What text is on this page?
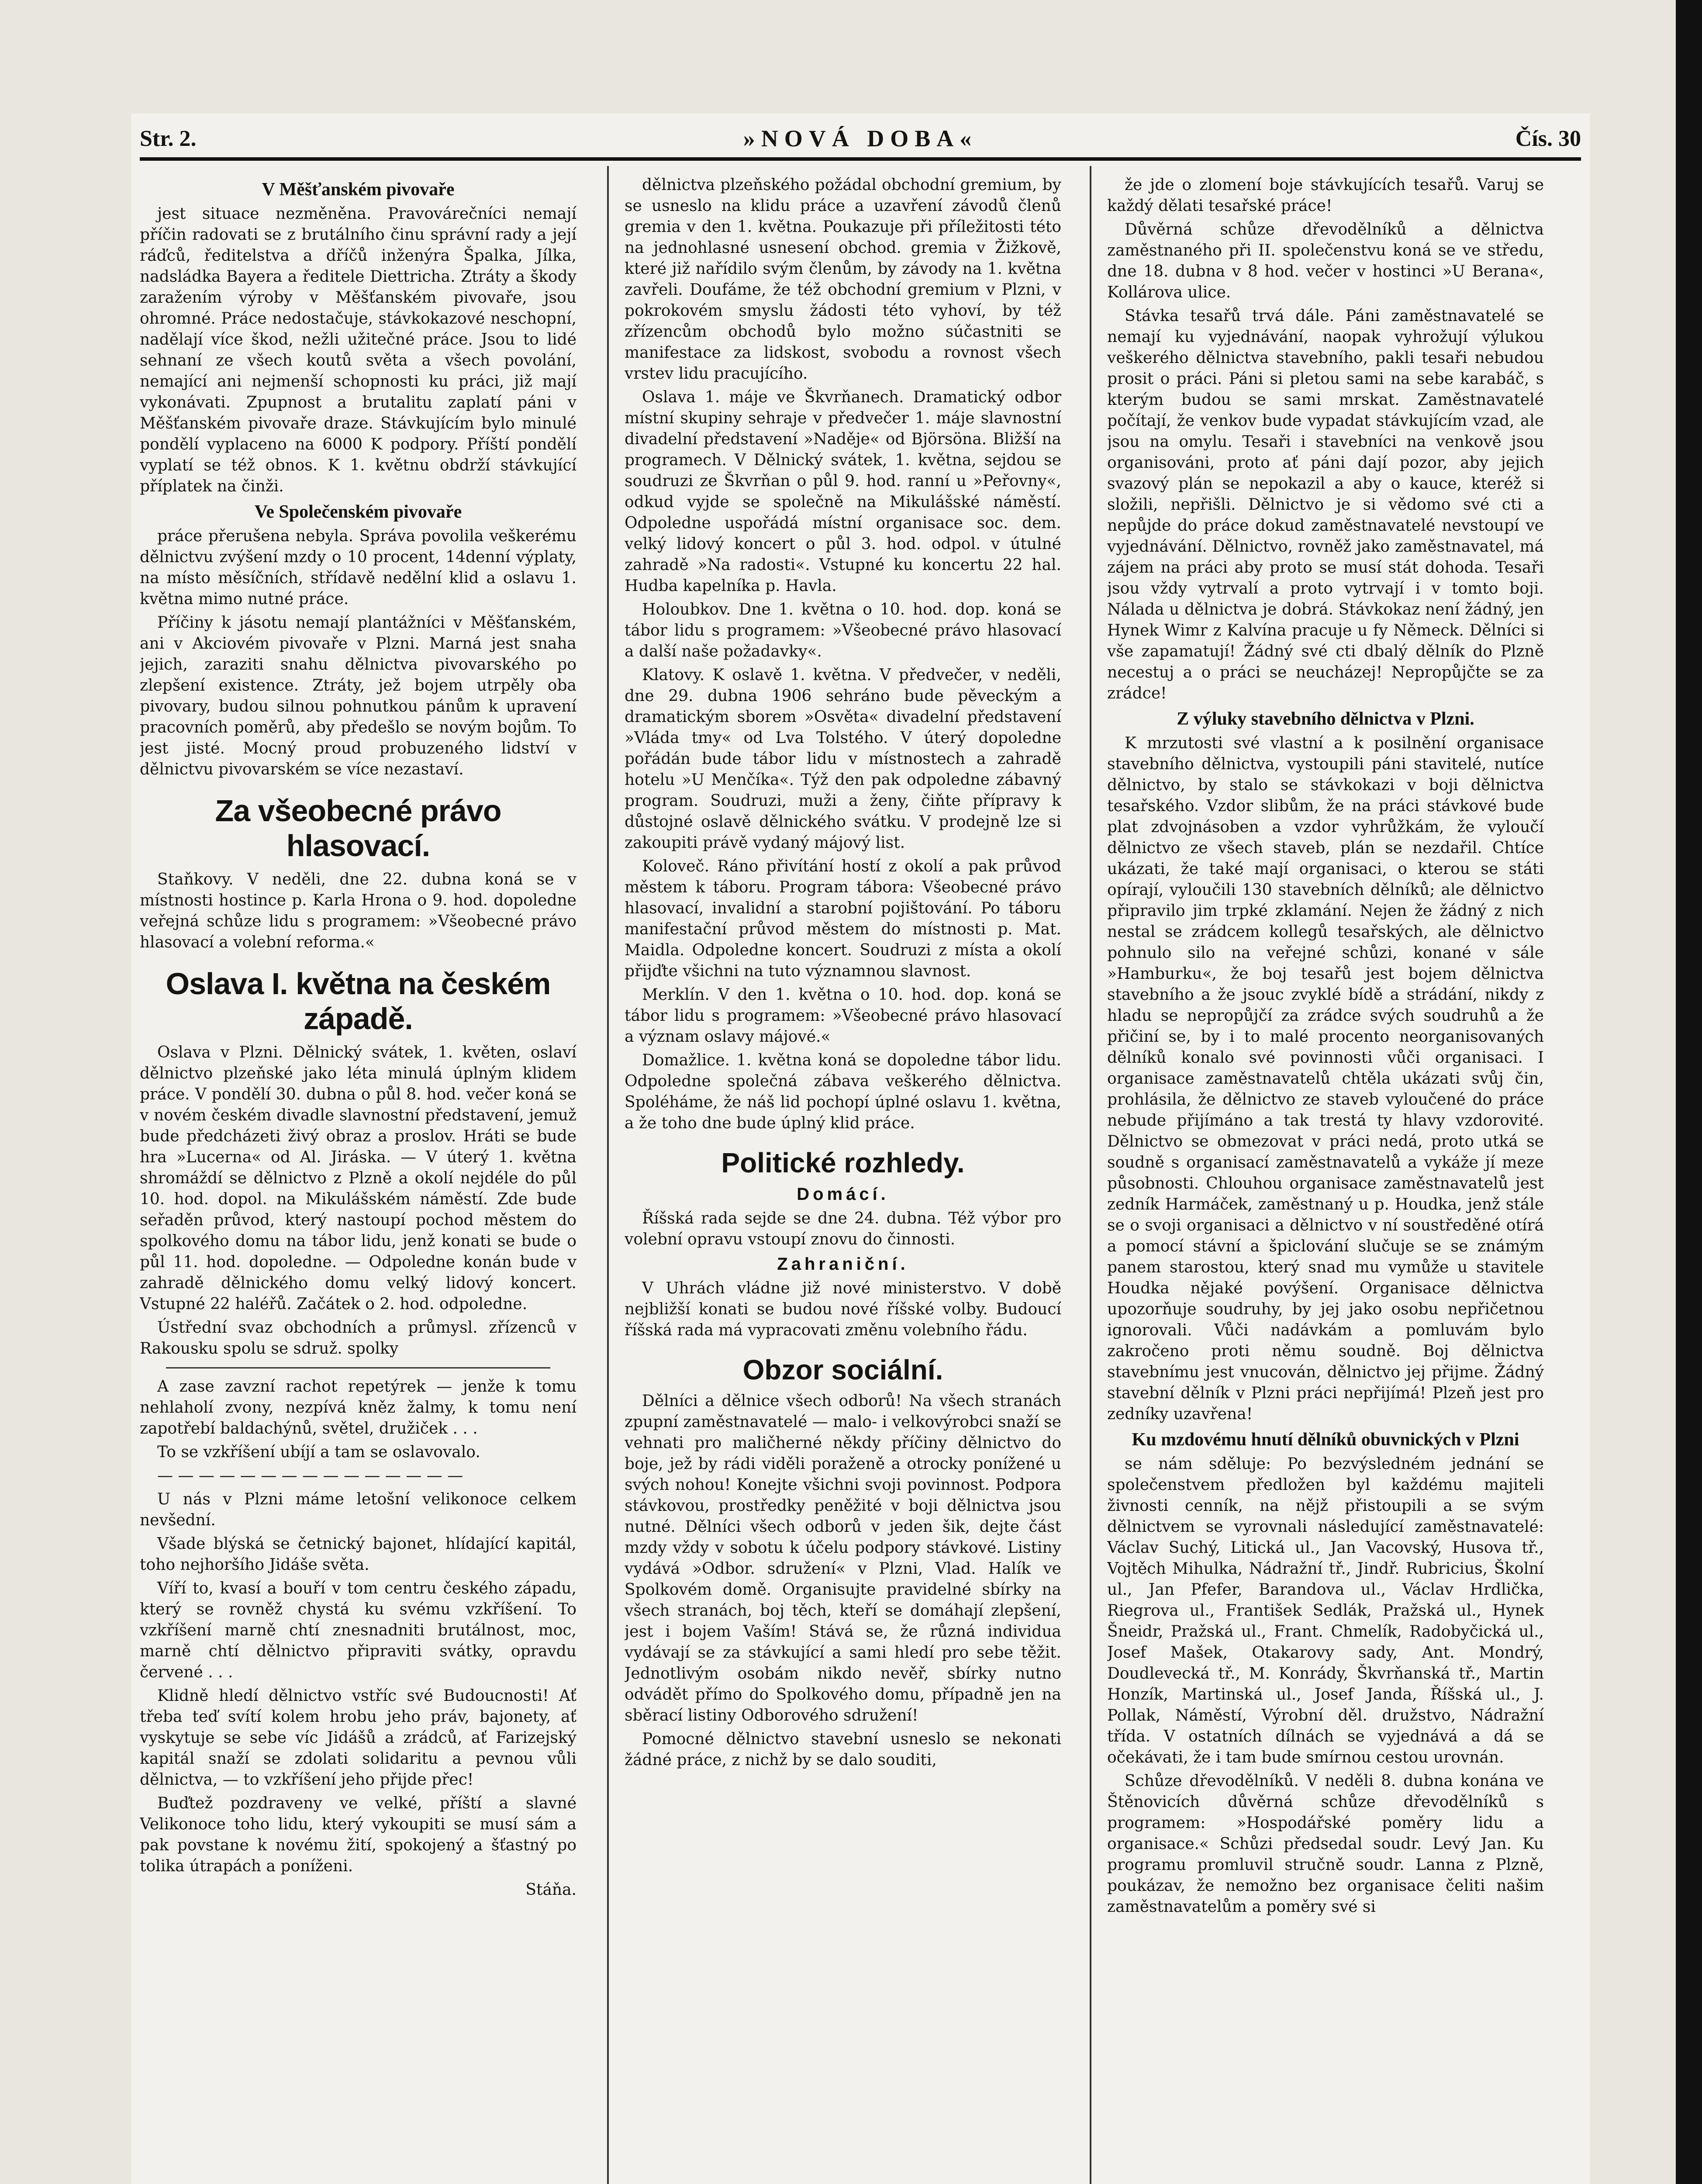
Str. 2.	»NOVÁ DOBA«	Čís. 30
V Měšťanském pivovaře

jest situace nezměněna. Pravovárečníci nemají příčin radovati se z brutálního činu správní rady a její ráďců, ředitelstva a dříčů inženýra Špalka, Jílka, nadsládka Bayera a ředitele Diettricha. Ztráty a škody zaražením výroby v Měšťanském pivovaře, jsou ohromné. Práce nedostačuje, stávkokazové neschopní, nadělají více škod, nežli užitečné práce. Jsou to lidé sehnaní ze všech koutů světa a všech povolání, nemající ani nejmenší schopnosti ku práci, již mají vykonávati. Zpupnost a brutalitu zaplatí páni v Měšťanském pivovaře draze. Stávkujícím bylo minulé pondělí vyplaceno na 6000 K podpory. Příští pondělí vyplatí se též obnos. K 1. květnu obdrží stávkující příplatek na činži.

Ve Společenském pivovaře

práce přerušena nebyla. Správa povolila veškerému dělnictvu zvýšení mzdy o 10 procent, 14denní výplaty, na místo měsíčních, střídavě nedělní klid a oslavu 1. května mimo nutné práce.

Příčiny k jásotu nemají plantážníci v Měšťanském, ani v Akciovém pivovaře v Plzni. Marná jest snaha jejich, zaraziti snahu dělnictva pivovarského po zlepšení existence. Ztráty, jež bojem utrpěly oba pivovary, budou silnou pohnutkou pánům k upravení pracovních poměrů, aby předešlo se novým bojům. To jest jisté. Mocný proud probuzeného lidství v dělnictvu pivovarském se více nezastaví.

Za všeobecné právo hlasovací.

Staňkovy. V neděli, dne 22. dubna koná se v místnosti hostince p. Karla Hrona o 9. hod. dopoledne veřejná schůze lidu s programem: »Všeobecné právo hlasovací a volební reforma.«

Oslava I. května na českém západě.

Oslava v Plzni. Dělnický svátek, 1. květen, oslaví dělnictvo plzeňské jako léta minulá úplným klidem práce. V pondělí 30. dubna o půl 8. hod. večer koná se v novém českém divadle slavnostní představení, jemuž bude předcházeti živý obraz a proslov. Hráti se bude hra »Lucerna« od Al. Jiráska. — V úterý 1. května shromáždí se dělnictvo z Plzně a okolí nejdéle do půl 10. hod. dopol. na Mikulášském náměstí. Zde bude seřaděn průvod, který nastoupí pochod městem do spolkového domu na tábor lidu, jenž konati se bude o půl 11. hod. dopoledne. — Odpoledne konán bude v zahradě dělnického domu velký lidový koncert. Vstupné 22 haléřů. Začátek o 2. hod. odpoledne.

Ústřední svaz obchodních a průmysl. zřízenců v Rakousku spolu se sdruž. spolky

A zase zavzní rachot repetýrek — jenže k tomu nehlaholí zvony, nezpívá kněz žalmy, k tomu není zapotřebí baldachýnů, světel, družiček . . .

To se vzkříšení ubíjí a tam se oslavovalo.

— — — — — — — — — — — — — — —

U nás v Plzni máme letošní velikonoce celkem nevšední.

Všade blýská se četnický bajonet, hlídající kapitál, toho nejhoršího Jidáše světa.

Víří to, kvasí a bouří v tom centru českého západu, který se rovněž chystá ku svému vzkříšení. To vzkříšení marně chtí znesnadniti brutálnost, moc, marně chtí dělnictvo připraviti svátky, opravdu červené . . .

Klidně hledí dělnictvo vstříc své Budoucnosti! Ať třeba teď svítí kolem hrobu jeho práv, bajonety, ať vyskytuje se sebe víc Jidášů a zrádců, ať Farizejský kapitál snaží se zdolati solidaritu a pevnou vůli dělnictva, — to vzkříšení jeho přijde přec!

Buďtež pozdraveny ve velké, příští a slavné Velikonoce toho lidu, který vykoupiti se musí sám a pak povstane k novému žití, spokojený a šťastný po tolika útrapách a poníženi.

Stáňa.

dělnictva plzeňského požádal obchodní gremium, by se usneslo na klidu práce a uzavření závodů členů gremia v den 1. května. Poukazuje při příležitosti této na jednohlasné usnesení obchod. gremia v Žižkově, které již nařídilo svým členům, by závody na 1. května zavřeli. Doufáme, že též obchodní gremium v Plzni, v pokrokovém smyslu žádosti této vyhoví, by též zřízencům obchodů bylo možno súčastniti se manifestace za lidskost, svobodu a rovnost všech vrstev lidu pracujícího.

Oslava 1. máje ve Škvrňanech. Dramatický odbor místní skupiny sehraje v předvečer 1. máje slavnostní divadelní představení »Naděje« od Björsöna. Bližší na programech. V Dělnický svátek, 1. května, sejdou se soudruzi ze Škvrňan o půl 9. hod. ranní u »Peřovny«, odkud vyjde se společně na Mikulášské náměstí. Odpoledne uspořádá místní organisace soc. dem. velký lidový koncert o půl 3. hod. odpol. v útulné zahradě »Na radosti«. Vstupné ku koncertu 22 hal. Hudba kapelníka p. Havla.

Holoubkov. Dne 1. května o 10. hod. dop. koná se tábor lidu s programem: »Všeobecné právo hlasovací a další naše požadavky«.

Klatovy. K oslavě 1. května. V předvečer, v neděli, dne 29. dubna 1906 sehráno bude pěveckým a dramatickým sborem »Osvěta« divadelní představení »Vláda tmy« od Lva Tolstého. V úterý dopoledne pořádán bude tábor lidu v místnostech a zahradě hotelu »U Menčíka«. Týž den pak odpoledne zábavný program. Soudruzi, muži a ženy, čiňte přípravy k důstojné oslavě dělnického svátku. V prodejně lze si zakoupiti právě vydaný májový list.

Koloveč. Ráno přivítání hostí z okolí a pak průvod městem k táboru. Program tábora: Všeobecné právo hlasovací, invalidní a starobní pojištování. Po táboru manifestační průvod městem do místnosti p. Mat. Maidla. Odpoledne koncert. Soudruzi z místa a okolí přijďte všichni na tuto významnou slavnost.

Merklín. V den 1. května o 10. hod. dop. koná se tábor lidu s programem: »Všeobecné právo hlasovací a význam oslavy májové.«

Domažlice. 1. května koná se dopoledne tábor lidu. Odpoledne společná zábava veškerého dělnictva. Spoléháme, že náš lid pochopí úplné oslavu 1. května, a že toho dne bude úplný klid práce.

Politické rozhledy.
Domácí.

Říšská rada sejde se dne 24. dubna. Též výbor pro volební opravu vstoupí znovu do činnosti.

Zahraniční.

V Uhrách vládne již nové ministerstvo. V době nejbližší konati se budou nové říšské volby. Budoucí říšská rada má vypracovati změnu volebního řádu.

Obzor sociální.

Dělníci a dělnice všech odborů! Na všech stranách zpupní zaměstnavatelé — malo- i velkovýrobci snaží se vehnati pro maličherné někdy příčiny dělnictvo do boje, jež by rádi viděli poraženě a otrocky ponížené u svých nohou! Konejte všichni svoji povinnost. Podpora stávkovou, prostředky peněžité v boji dělnictva jsou nutné. Dělníci všech odborů v jeden šik, dejte část mzdy vždy v sobotu k účelu podpory stávkové. Listiny vydává »Odbor. sdružení« v Plzni, Vlad. Halík ve Spolkovém domě. Organisujte pravidelné sbírky na všech stranách, boj těch, kteří se domáhají zlepšení, jest i bojem Vaším! Stává se, že různá individua vydávají se za stávkující a sami hledí pro sebe těžit. Jednotlivým osobám nikdo nevěř, sbírky nutno odvádět přímo do Spolkového domu, případně jen na sběrací listiny Odborového sdružení!

Pomocné dělnictvo stavební usneslo se nekonati žádné práce, z nichž by se dalo souditi,

že jde o zlomení boje stávkujících tesařů. Varuj se každý dělati tesařské práce!

Důvěrná schůze dřevodělníků a dělnictva zaměstnaného při II. společenstvu koná se ve středu, dne 18. dubna v 8 hod. večer v hostinci »U Berana«, Kollárova ulice.

Stávka tesařů trvá dále. Páni zaměstnavatelé se nemají ku vyjednávání, naopak vyhrožují výlukou veškerého dělnictva stavebního, pakli tesaři nebudou prosit o práci. Páni si pletou sami na sebe karabáč, s kterým budou se sami mrskat. Zaměstnavatelé počítají, že venkov bude vypadat stávkujícím vzad, ale jsou na omylu. Tesaři i stavebníci na venkově jsou organisováni, proto ať páni dají pozor, aby jejich svazový plán se nepokazil a aby o kauce, kteréž si složili, nepřišli. Dělnictvo je si vědomo své cti a nepůjde do práce dokud zaměstnavatelé nevstoupí ve vyjednávání. Dělnictvo, rovněž jako zaměstnavatel, má zájem na práci aby proto se musí stát dohoda. Tesaři jsou vždy vytrvalí a proto vytrvají i v tomto boji. Nálada u dělnictva je dobrá. Stávkokaz není žádný, jen Hynek Wimr z Kalvína pracuje u fy Německ. Dělníci si vše zapamatují! Žádný své cti dbalý dělník do Plzně necestuj a o práci se neucházej! Nepropůjčte se za zrádce!

Z výluky stavebního dělnictva v Plzni.

K mrzutosti své vlastní a k posilnění organisace stavebního dělnictva, vystoupili páni stavitelé, nutíce dělnictvo, by stalo se stávkokazi v boji dělnictva tesařského. Vzdor slibům, že na práci stávkové bude plat zdvojnásoben a vzdor vyhrůžkám, že vyloučí dělnictvo ze všech staveb, plán se nezdařil. Chtíce ukázati, že také mají organisaci, o kterou se státi opírají, vyloučili 130 stavebních dělníků; ale dělnictvo připravilo jim trpké zklamání. Nejen že žádný z nich nestal se zrádcem kollegů tesařských, ale dělnictvo pohnulo silo na veřejné schůzi, konané v sále »Hamburku«, že boj tesařů jest bojem dělnictva stavebního a že jsouc zvyklé bídě a strádání, nikdy z hladu se nepropůjčí za zrádce svých soudruhů a že přičiní se, by i to malé procento neorganisovaných dělníků konalo své povinnosti vůči organisaci. I organisace zaměstnavatelů chtěla ukázati svůj čin, prohlásila, že dělnictvo ze staveb vyloučené do práce nebude přijímáno a tak trestá ty hlavy vzdorovité. Dělnictvo se obmezovat v práci nedá, proto utká se soudně s organisací zaměstnavatelů a vykáže jí meze působnosti. Chlouhou organisace zaměstnavatelů jest zedník Harmáček, zaměstnaný u p. Houdka, jenž stále se o svoji organisaci a dělnictvo v ní soustředěné otírá a pomocí stávní a špiclování slučuje se se známým panem starostou, který snad mu vymůže u stavitele Houdka nějaké povýšení. Organisace dělnictva upozorňuje soudruhy, by jej jako osobu nepřičetnou ignorovali. Vůči nadávkám a pomluvám bylo zakročeno proti němu soudně. Boj dělnictva stavebnímu jest vnucován, dělnictvo jej přijme. Žádný stavební dělník v Plzni práci nepřijímá! Plzeň jest pro zedníky uzavřena!

Ku mzdovému hnutí dělníků obuvnických v Plzni

se nám sděluje: Po bezvýsledném jednání se společenstvem předložen byl každému majiteli živnosti cenník, na nějž přistoupili a se svým dělnictvem se vyrovnali následující zaměstnavatelé: Václav Suchý, Litická ul., Jan Vacovský, Husova tř., Vojtěch Mihulka, Nádražní tř., Jindř. Rubricius, Školní ul., Jan Pfefer, Barandova ul., Václav Hrdlička, Riegrova ul., František Sedlák, Pražská ul., Hynek Šneidr, Pražská ul., Frant. Chmelík, Radobyčická ul., Josef Mašek, Otakarovy sady, Ant. Mondrý, Doudlevecká tř., M. Konrády, Škvrňanská tř., Martin Honzík, Martinská ul., Josef Janda, Říšská ul., J. Pollak, Náměstí, Výrobní děl. družstvo, Nádražní třída. V ostatních dílnách se vyjednává a dá se očekávati, že i tam bude smírnou cestou urovnán.

Schůze dřevodělníků. V neděli 8. dubna konána ve Štěnovicích důvěrná schůze dřevodělníků s programem: »Hospodářské poměry lidu a organisace.« Schůzi předsedal soudr. Levý Jan. Ku programu promluvil stručně soudr. Lanna z Plzně, poukázav, že nemožno bez organisace čeliti našim zaměstnavatelům a poměry své si
